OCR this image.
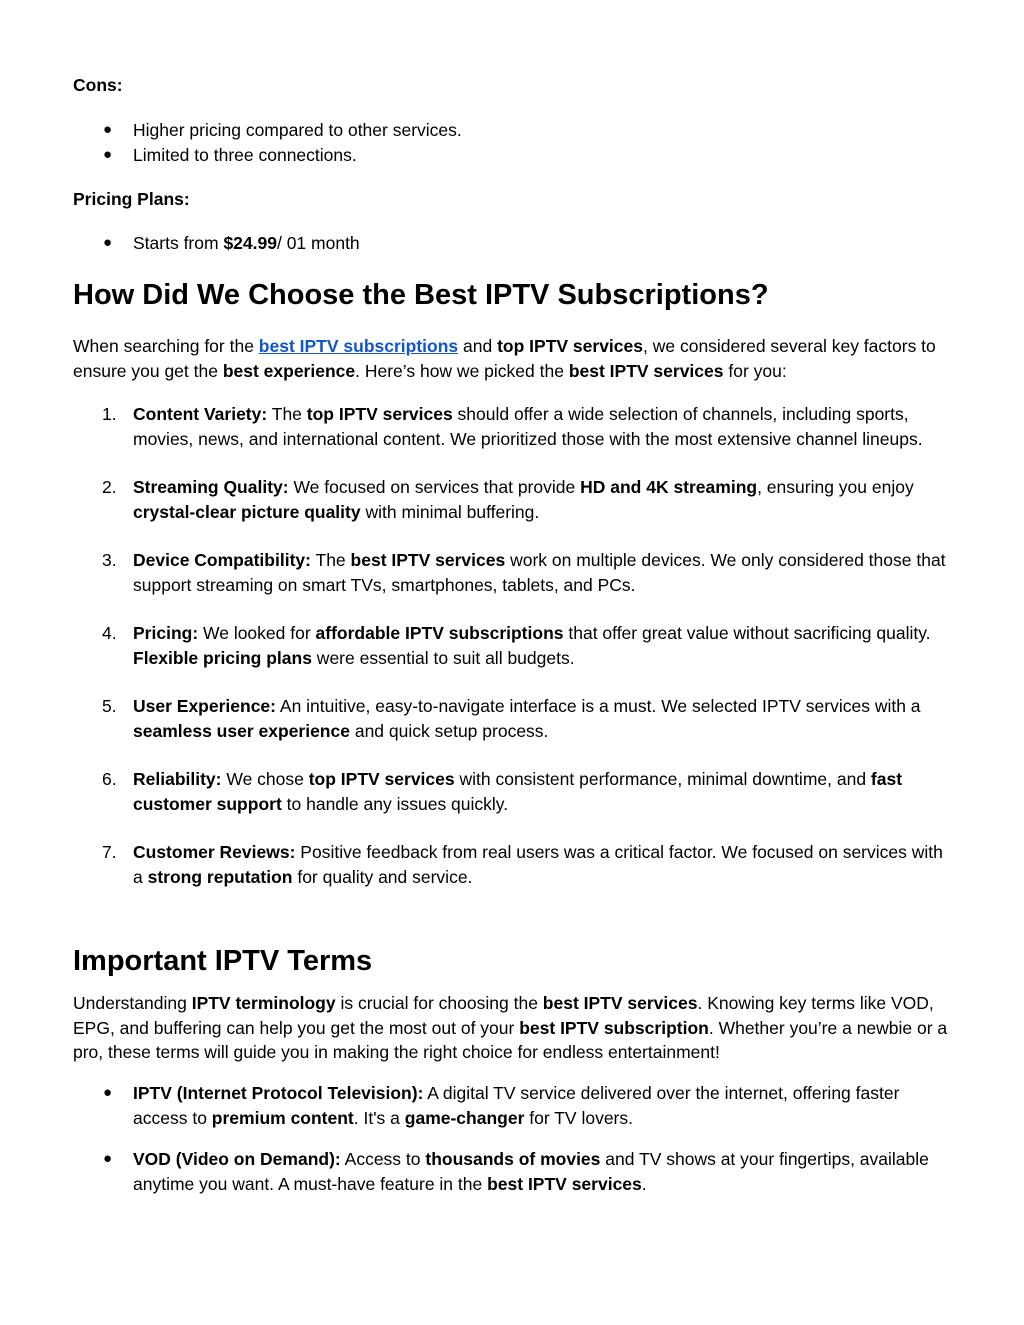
Cons:
● Higher pricing compared to other services.
● Limited to three connections.
Pricing Plans:
● Starts from $24.99/ 01 month
How Did We Choose the Best IPTV Subscriptions?

When searching for the best IPTV subscriptions and top IPTV services, we considered several key factors to ensure you get the best experience. Here’s how we picked the best IPTV services for you:

1. Content Variety: The top IPTV services should offer a wide selection of channels, including sports, movies, news, and international content. We prioritized those with the most extensive channel lineups.
2. Streaming Quality: We focused on services that provide HD and 4K streaming, ensuring you enjoy crystal-clear picture quality with minimal buffering.
3. Device Compatibility: The best IPTV services work on multiple devices. We only considered those that support streaming on smart TVs, smartphones, tablets, and PCs.
4. Pricing: We looked for affordable IPTV subscriptions that offer great value without sacrificing quality. Flexible pricing plans were essential to suit all budgets.
5. User Experience: An intuitive, easy-to-navigate interface is a must. We selected IPTV services with a seamless user experience and quick setup process.
6. Reliability: We chose top IPTV services with consistent performance, minimal downtime, and fast customer support to handle any issues quickly.
7. Customer Reviews: Positive feedback from real users was a critical factor. We focused on services with a strong reputation for quality and service.
Important IPTV Terms

Understanding IPTV terminology is crucial for choosing the best IPTV services. Knowing key terms like VOD, EPG, and buffering can help you get the most out of your best IPTV subscription. Whether you’re a newbie or a pro, these terms will guide you in making the right choice for endless entertainment!

● IPTV (Internet Protocol Television): A digital TV service delivered over the internet, offering faster access to premium content. It's a game-changer for TV lovers.
● VOD (Video on Demand): Access to thousands of movies and TV shows at your fingertips, available anytime you want. A must-have feature in the best IPTV services.
